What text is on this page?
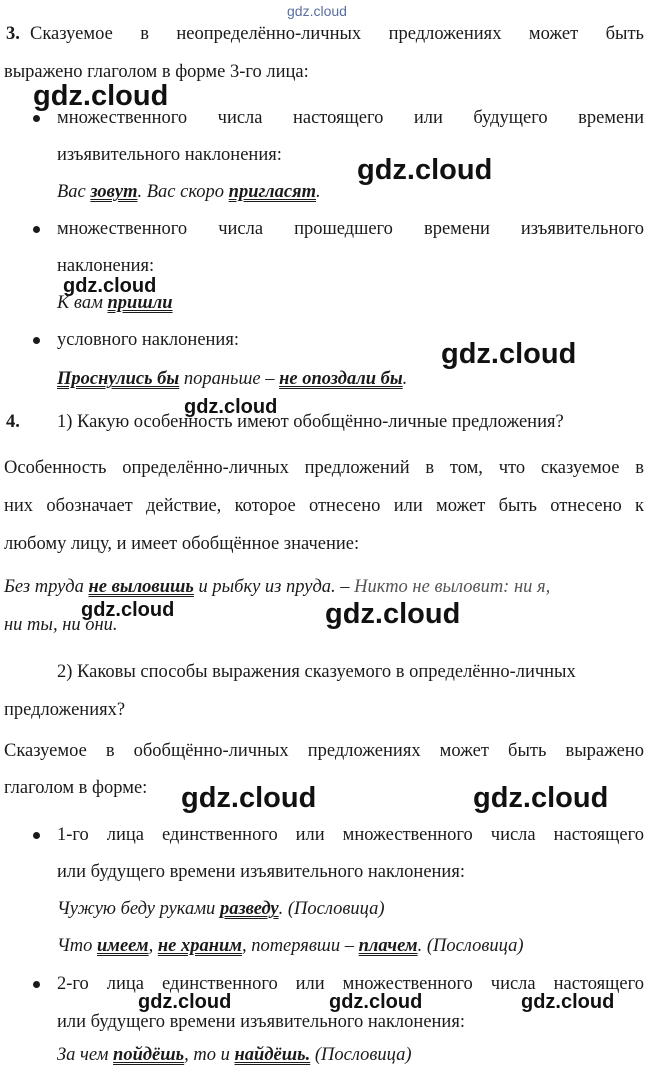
gdz.cloud
gdz.cloud
gdz.cloud
gdz.cloud
gdz.cloud
gdz.cloud
gdz.cloud	gdz.cloud
gdz.cloud	gdz.cloud
gdz.cloud	gdz.cloud	gdz.cloud
3. Сказуемое в неопределённо-личных предложениях может быть
выражено глаголом в формe 3-го лица:
множественного числа настоящего или будущего времени
изъявительного наклонения:
Вас зовут. Вас скоро пригласят.
множественного числа прошедшего времени изъявительного
наклонения:
К вам пришли
условного наклонения:
Проснулись бы пораньше – не опоздали бы.
4. 1) Какую особенность имеют обобщённо-личные предложения?
Особенность определённо-личных предложений в том, что сказуемое в
них обозначает действие, которое отнесено или может быть отнесено к
любому лицу, и имеет обобщённое значение:
Без труда не выловишь и рыбку из пруда. – Никто не выловит: ни я,
ни ты, ни они.
2) Каковы способы выражения сказуемого в определённо-личных
предложениях?
Сказуемое в обобщённо-личных предложениях может быть выражено
глаголом в форме:
1-го лица единственного или множественного числа настоящего
или будущего времени изъявительного наклонения:
Чужую беду руками разведу. (Пословица)
Что имеем, не храним, потерявши – плачем. (Пословица)
2-го лица единственного или множественного числа настоящего
или будущего времени изъявительного наклонения:
За чем пойдёшь, то и найдёшь. (Пословица)
